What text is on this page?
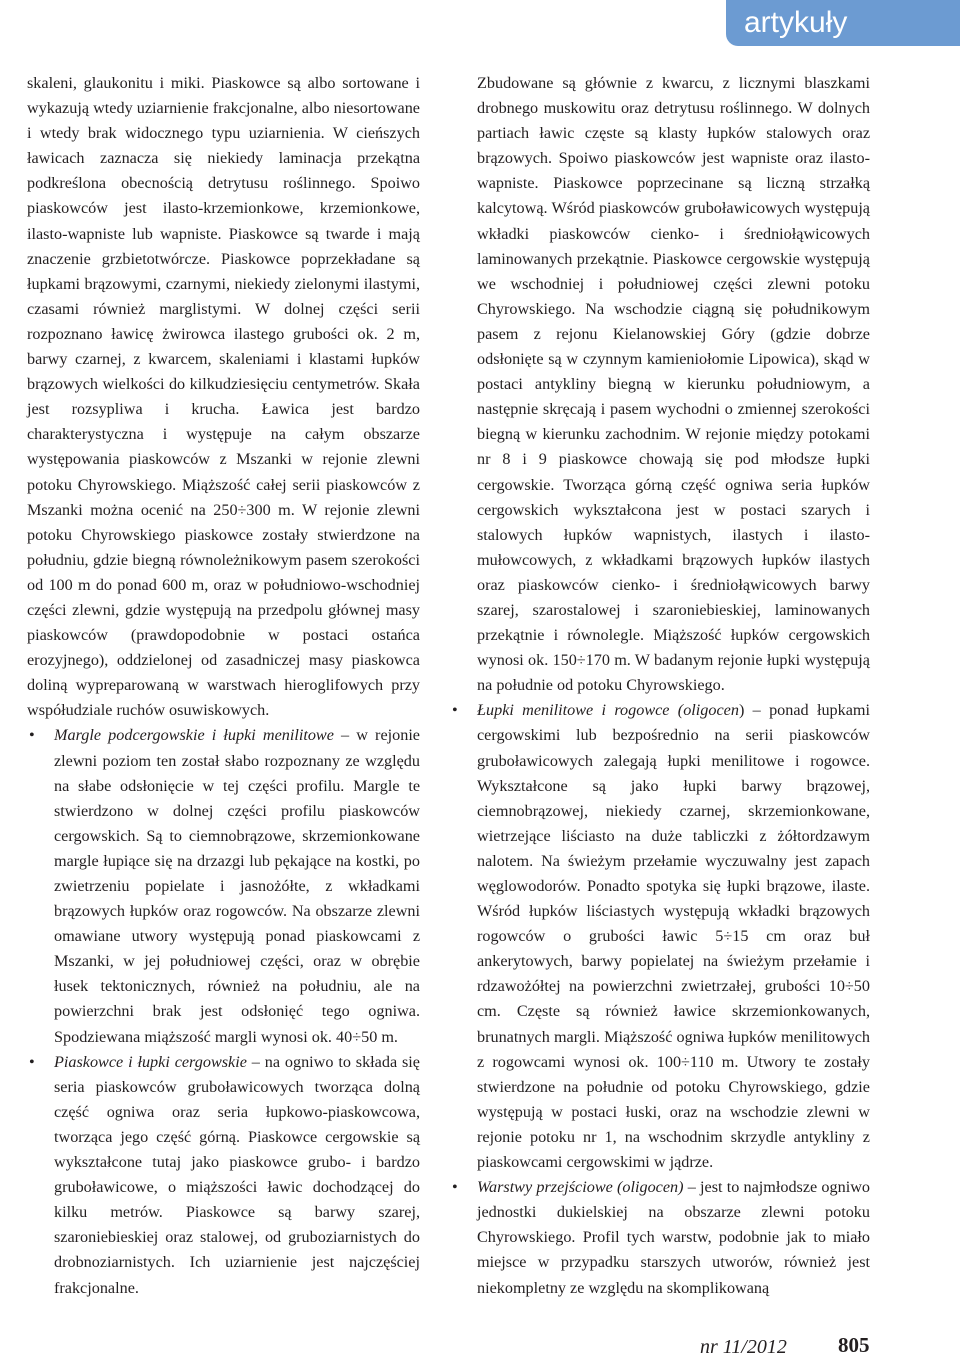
artykuły

skaleni, glaukonitu i miki. Piaskowce są albo sortowane i wykazują wtedy uziarnienie frakcjonalne, albo niesortowane i wtedy brak widocznego typu uziarnienia. W cieńszych ławicach zaznacza się niekiedy laminacja przekątna podkreślona obecnością detrytusu roślinnego. Spoiwo piaskowców jest ilasto-krzemionkowe, krzemionkowe, ilasto-wapniste lub wapniste. Piaskowce są twarde i mają znaczenie grzbietotwórcze. Piaskowce poprzekładane są łupkami brązowymi, czarnymi, niekiedy zielonymi ilastymi, czasami również marglistymi. W dolnej części serii rozpoznano ławicę żwirowca ilastego grubości ok. 2 m, barwy czarnej, z kwarcem, skaleniami i klastami łupków brązowych wielkości do kilkudziesięciu centymetrów. Skała jest rozsypliwa i krucha. Ławica jest bardzo charakterystyczna i występuje na całym obszarze występowania piaskowców z Mszanki w rejonie zlewni potoku Chyrowskiego. Miąższość całej serii piaskowców z Mszanki można ocenić na 250÷300 m. W rejonie zlewni potoku Chyrowskiego piaskowce zostały stwierdzone na południu, gdzie biegną równoleżnikowym pasem szerokości od 100 m do ponad 600 m, oraz w południowo-wschodniej części zlewni, gdzie występują na przedpolu głównej masy piaskowców (prawdopodobnie w postaci ostańca erozyjnego), oddzielonej od zasadniczej masy piaskowca doliną wypreparowaną w warstwach hieroglifowych przy współudziale ruchów osuwiskowych.

• Margle podcergowskie i łupki menilitowe – w rejonie zlewni poziom ten został słabo rozpoznany ze względu na słabe odsłonięcie w tej części profilu. Margle te stwierdzono w dolnej części profilu piaskowców cergowskich. Są to ciemnobrązowe, skrzemionkowane margle łupiące się na drzazgi lub pękające na kostki, po zwietrzeniu popielate i jasnożółte, z wkładkami brązowych łupków oraz rogowców. Na obszarze zlewni omawiane utwory występują ponad piaskowcami z Mszanki, w jej południowej części, oraz w obrębie łusek tektonicznych, również na południu, ale na powierzchni brak jest odsłonięć tego ogniwa. Spodziewana miąższość margli wynosi ok. 40÷50 m.

• Piaskowce i łupki cergowskie – na ogniwo to składa się seria piaskowców gruboławicowych tworząca dolną część ogniwa oraz seria łupkowo-piaskowcowa, tworząca jego część górną. Piaskowce cergowskie są wykształcone tutaj jako piaskowce grubo- i bardzo gruboławicowe, o miąższości ławic dochodzącej do kilku metrów. Piaskowce są barwy szarej, szaroniebieskiej oraz stalowej, od gruboziarnistych do drobnoziarnistych. Ich uziarnienie jest najczęściej frakcjonalne.

Zbudowane są głównie z kwarcu, z licznymi blaszkami drobnego muskowitu oraz detrytusu roślinnego. W dolnych partiach ławic częste są klasty łupków stalowych oraz brązowych. Spoiwo piaskowców jest wapniste oraz ilasto-wapniste. Piaskowce poprzecinane są liczną strzałką kalcytową. Wśród piaskowców gruboławicowych występują wkładki piaskowców cienko- i średniołąwicowych laminowanych przekątnie. Piaskowce cergowskie występują we wschodniej i południowej części zlewni potoku Chyrowskiego. Na wschodzie ciągną się południkowym pasem z rejonu Kielanowskiej Góry (gdzie dobrze odsłonięte są w czynnym kamieniołomie Lipowica), skąd w postaci antykliny biegną w kierunku południowym, a następnie skręcają i pasem wychodni o zmiennej szerokości biegną w kierunku zachodnim. W rejonie między potokami nr 8 i 9 piaskowce chowają się pod młodsze łupki cergowskie. Tworząca górną część ogniwa seria łupków cergowskich wykształcona jest w postaci szarych i stalowych łupków wapnistych, ilastych i ilasto-mułowcowych, z wkładkami brązowych łupków ilastych oraz piaskowców cienko- i średniołąwicowych barwy szarej, szarostalowej i szaroniebieskiej, laminowanych przekątnie i równolegle. Miąższość łupków cergowskich wynosi ok. 150÷170 m. W badanym rejonie łupki występują na południe od potoku Chyrowskiego.

• Łupki menilitowe i rogowce (oligocen) – ponad łupkami cergowskimi lub bezpośrednio na serii piaskowców gruboławicowych zalegają łupki menilitowe i rogowce. Wykształcone są jako łupki barwy brązowej, ciemnobrązowej, niekiedy czarnej, skrzemionkowane, wietrzejące liściasto na duże tabliczki z żółtordzawym nalotem. Na świeżym przełamie wyczuwalny jest zapach węglowodorów. Ponadto spotyka się łupki brązowe, ilaste. Wśród łupków liściastych występują wkładki brązowych rogowców o grubości ławic 5÷15 cm oraz buł ankerytowych, barwy popielatej na świeżym przełamie i rdzawożółtej na powierzchni zwietrzałej, grubości 10÷50 cm. Częste są również ławice skrzemionkowanych, brunatnych margli. Miąższość ogniwa łupków menilitowych z rogowcami wynosi ok. 100÷110 m. Utwory te zostały stwierdzone na południe od potoku Chyrowskiego, gdzie występują w postaci łuski, oraz na wschodzie zlewni w rejonie potoku nr 1, na wschodnim skrzydle antykliny z piaskowcami cergowskimi w jądrze.

• Warstwy przejściowe (oligocen) – jest to najmłodsze ogniwo jednostki dukielskiej na obszarze zlewni potoku Chyrowskiego. Profil tych warstw, podobnie jak to miało miejsce w przypadku starszych utworów, również jest niekompletny ze względu na skomplikowaną

nr 11/2012 805
